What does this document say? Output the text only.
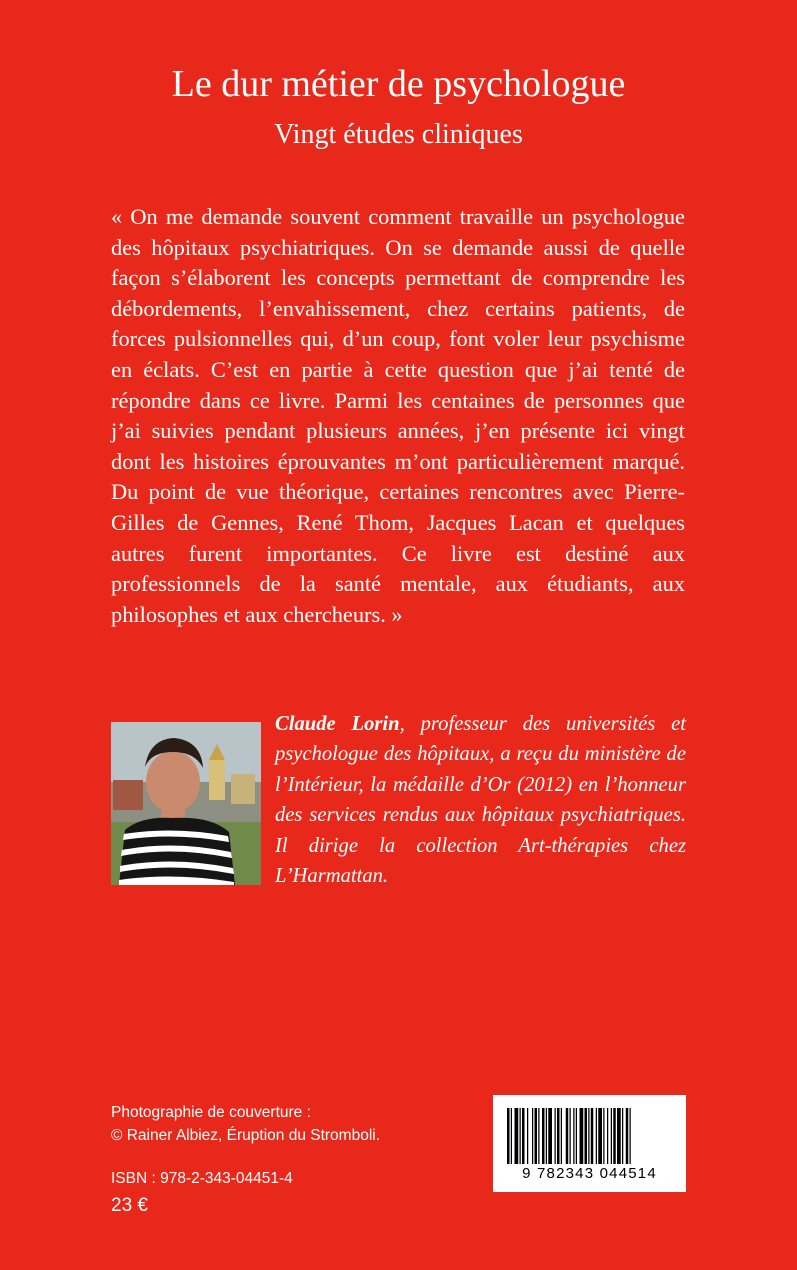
Le dur métier de psychologue
Vingt études cliniques

« On me demande souvent comment travaille un psychologue des hôpitaux psychiatriques. On se demande aussi de quelle façon s’élaborent les concepts permettant de comprendre les débordements, l’envahissement, chez certains patients, de forces pulsionnelles qui, d’un coup, font voler leur psychisme en éclats. C’est en partie à cette question que j’ai tenté de répondre dans ce livre. Parmi les centaines de personnes que j’ai suivies pendant plusieurs années, j’en présente ici vingt dont les histoires éprouvantes m’ont particulièrement marqué. Du point de vue théorique, certaines rencontres avec Pierre-Gilles de Gennes, René Thom, Jacques Lacan et quelques autres furent importantes. Ce livre est destiné aux professionnels de la santé mentale, aux étudiants, aux philosophes et aux chercheurs. »

Claude Lorin, professeur des universités et psychologue des hôpitaux, a reçu du ministère de l’Intérieur, la médaille d’Or (2012) en l’honneur des services rendus aux hôpitaux psychiatriques. Il dirige la collection Art-thérapies chez L’Harmattan.

Photographie de couverture :
© Rainer Albiez, Éruption du Stromboli.
ISBN : 978-2-343-04451-4
23 €
9 782343 044514
